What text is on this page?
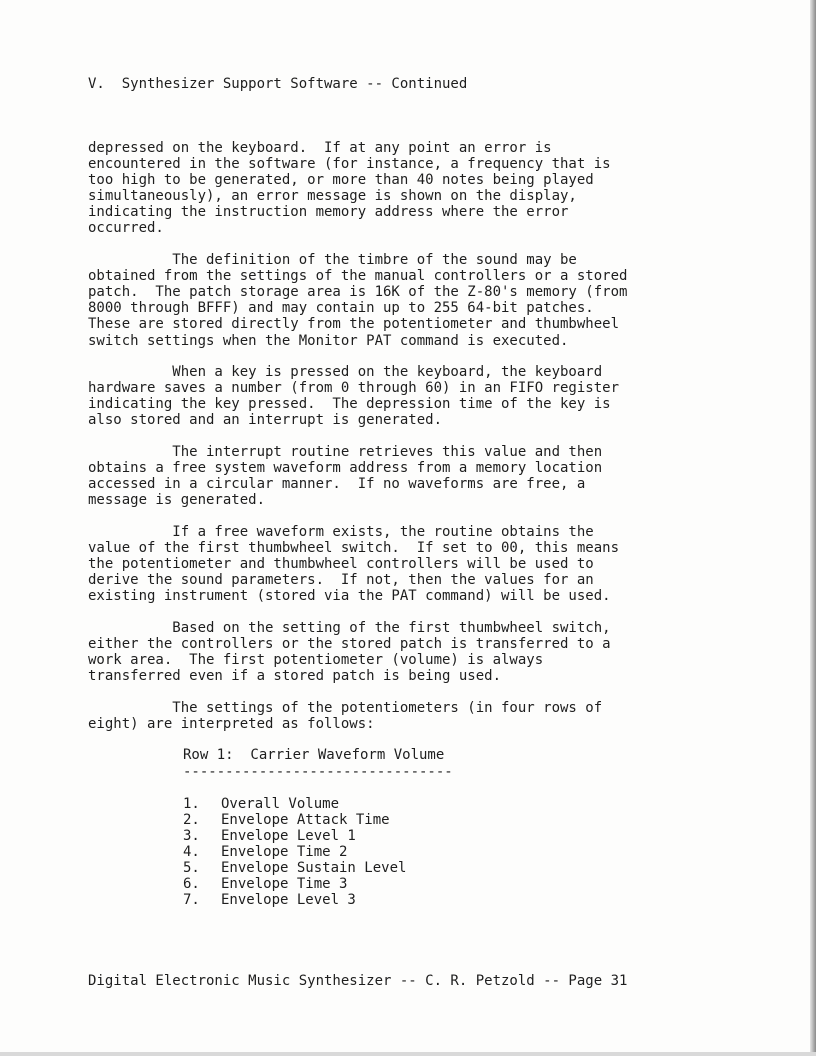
V.  Synthesizer Support Software -- Continued
depressed on the keyboard.  If at any point an error is
encountered in the software (for instance, a frequency that is
too high to be generated, or more than 40 notes being played
simultaneously), an error message is shown on the display,
indicating the instruction memory address where the error
occurred.
The definition of the timbre of the sound may be
obtained from the settings of the manual controllers or a stored
patch.  The patch storage area is 16K of the Z-80's memory (from
8000 through BFFF) and may contain up to 255 64-bit patches.
These are stored directly from the potentiometer and thumbwheel
switch settings when the Monitor PAT command is executed.
When a key is pressed on the keyboard, the keyboard
hardware saves a number (from 0 through 60) in an FIFO register
indicating the key pressed.  The depression time of the key is
also stored and an interrupt is generated.
The interrupt routine retrieves this value and then
obtains a free system waveform address from a memory location
accessed in a circular manner.  If no waveforms are free, a
message is generated.
If a free waveform exists, the routine obtains the
value of the first thumbwheel switch.  If set to 00, this means
the potentiometer and thumbwheel controllers will be used to
derive the sound parameters.  If not, then the values for an
existing instrument (stored via the PAT command) will be used.
Based on the setting of the first thumbwheel switch,
either the controllers or the stored patch is transferred to a
work area.  The first potentiometer (volume) is always
transferred even if a stored patch is being used.
The settings of the potentiometers (in four rows of
eight) are interpreted as follows:
Row 1:  Carrier Waveform Volume
--------------------------------
1. Overall Volume
2. Envelope Attack Time
3. Envelope Level 1
4. Envelope Time 2
5. Envelope Sustain Level
6. Envelope Time 3
7. Envelope Level 3
Digital Electronic Music Synthesizer -- C. R. Petzold -- Page 31
